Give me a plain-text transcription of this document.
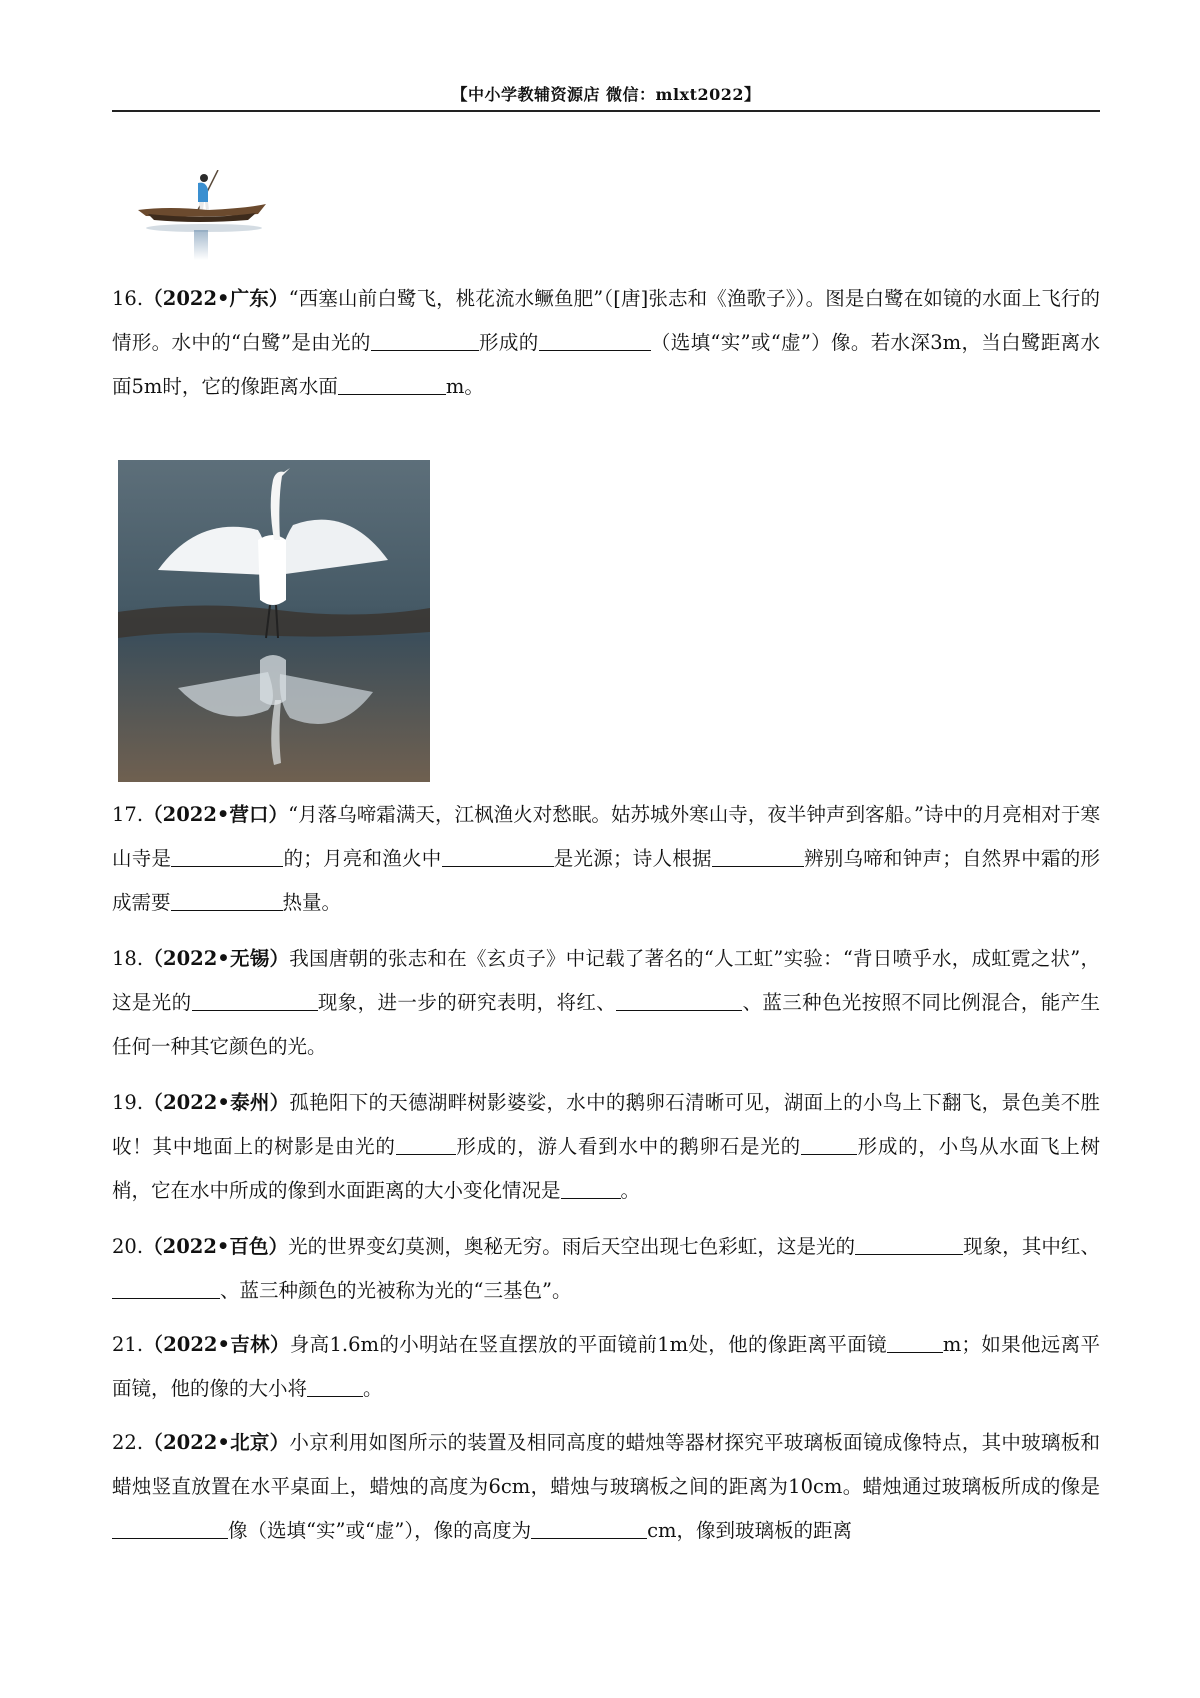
【中小学教辅资源店 微信：mlxt2022】

16.（2022•广东）“西塞山前白鹭飞，桃花流水鳜鱼肥”（[唐]张志和《渔歌子》）。图是白鹭在如镜的水面上飞行的情形。水中的“白鹭”是由光的	形成的	（选填“实”或“虚”）像。若水深3m，当白鹭距离水面5m时，它的像距离水面	m。

17.（2022•营口）“月落乌啼霜满天，江枫渔火对愁眠。姑苏城外寒山寺，夜半钟声到客船。”诗中的月亮相对于寒山寺是	的；月亮和渔火中	是光源；诗人根据	辨别乌啼和钟声；自然界中霜的形成需要	热量。

18.（2022•无锡）我国唐朝的张志和在《玄贞子》中记载了著名的“人工虹”实验：“背日喷乎水，成虹霓之状”，这是光的	现象，进一步的研究表明，将红、	、蓝三种色光按照不同比例混合，能产生任何一种其它颜色的光。

19.（2022•泰州）孤艳阳下的天德湖畔树影婆娑，水中的鹅卵石清晰可见，湖面上的小鸟上下翻飞，景色美不胜收！其中地面上的树影是由光的	形成的，游人看到水中的鹅卵石是光的	形成的，小鸟从水面飞上树梢，它在水中所成的像到水面距离的大小变化情况是	。

20.（2022•百色）光的世界变幻莫测，奥秘无穷。雨后天空出现七色彩虹，这是光的	现象，其中红、、蓝三种颜色的光被称为光的“三基色”。

21.（2022•吉林）身高1.6m的小明站在竖直摆放的平面镜前1m处，他的像距离平面镜	m；如果他远离平面镜，他的像的大小将	。

22.（2022•北京）小京利用如图所示的装置及相同高度的蜡烛等器材探究平玻璃板面镜成像特点，其中玻璃板和蜡烛竖直放置在水平桌面上，蜡烛的高度为6cm，蜡烛与玻璃板之间的距离为10cm。蜡烛通过玻璃板所成的像是像（选填“实”或“虚”），像的高度为	cm，像到玻璃板的距离
